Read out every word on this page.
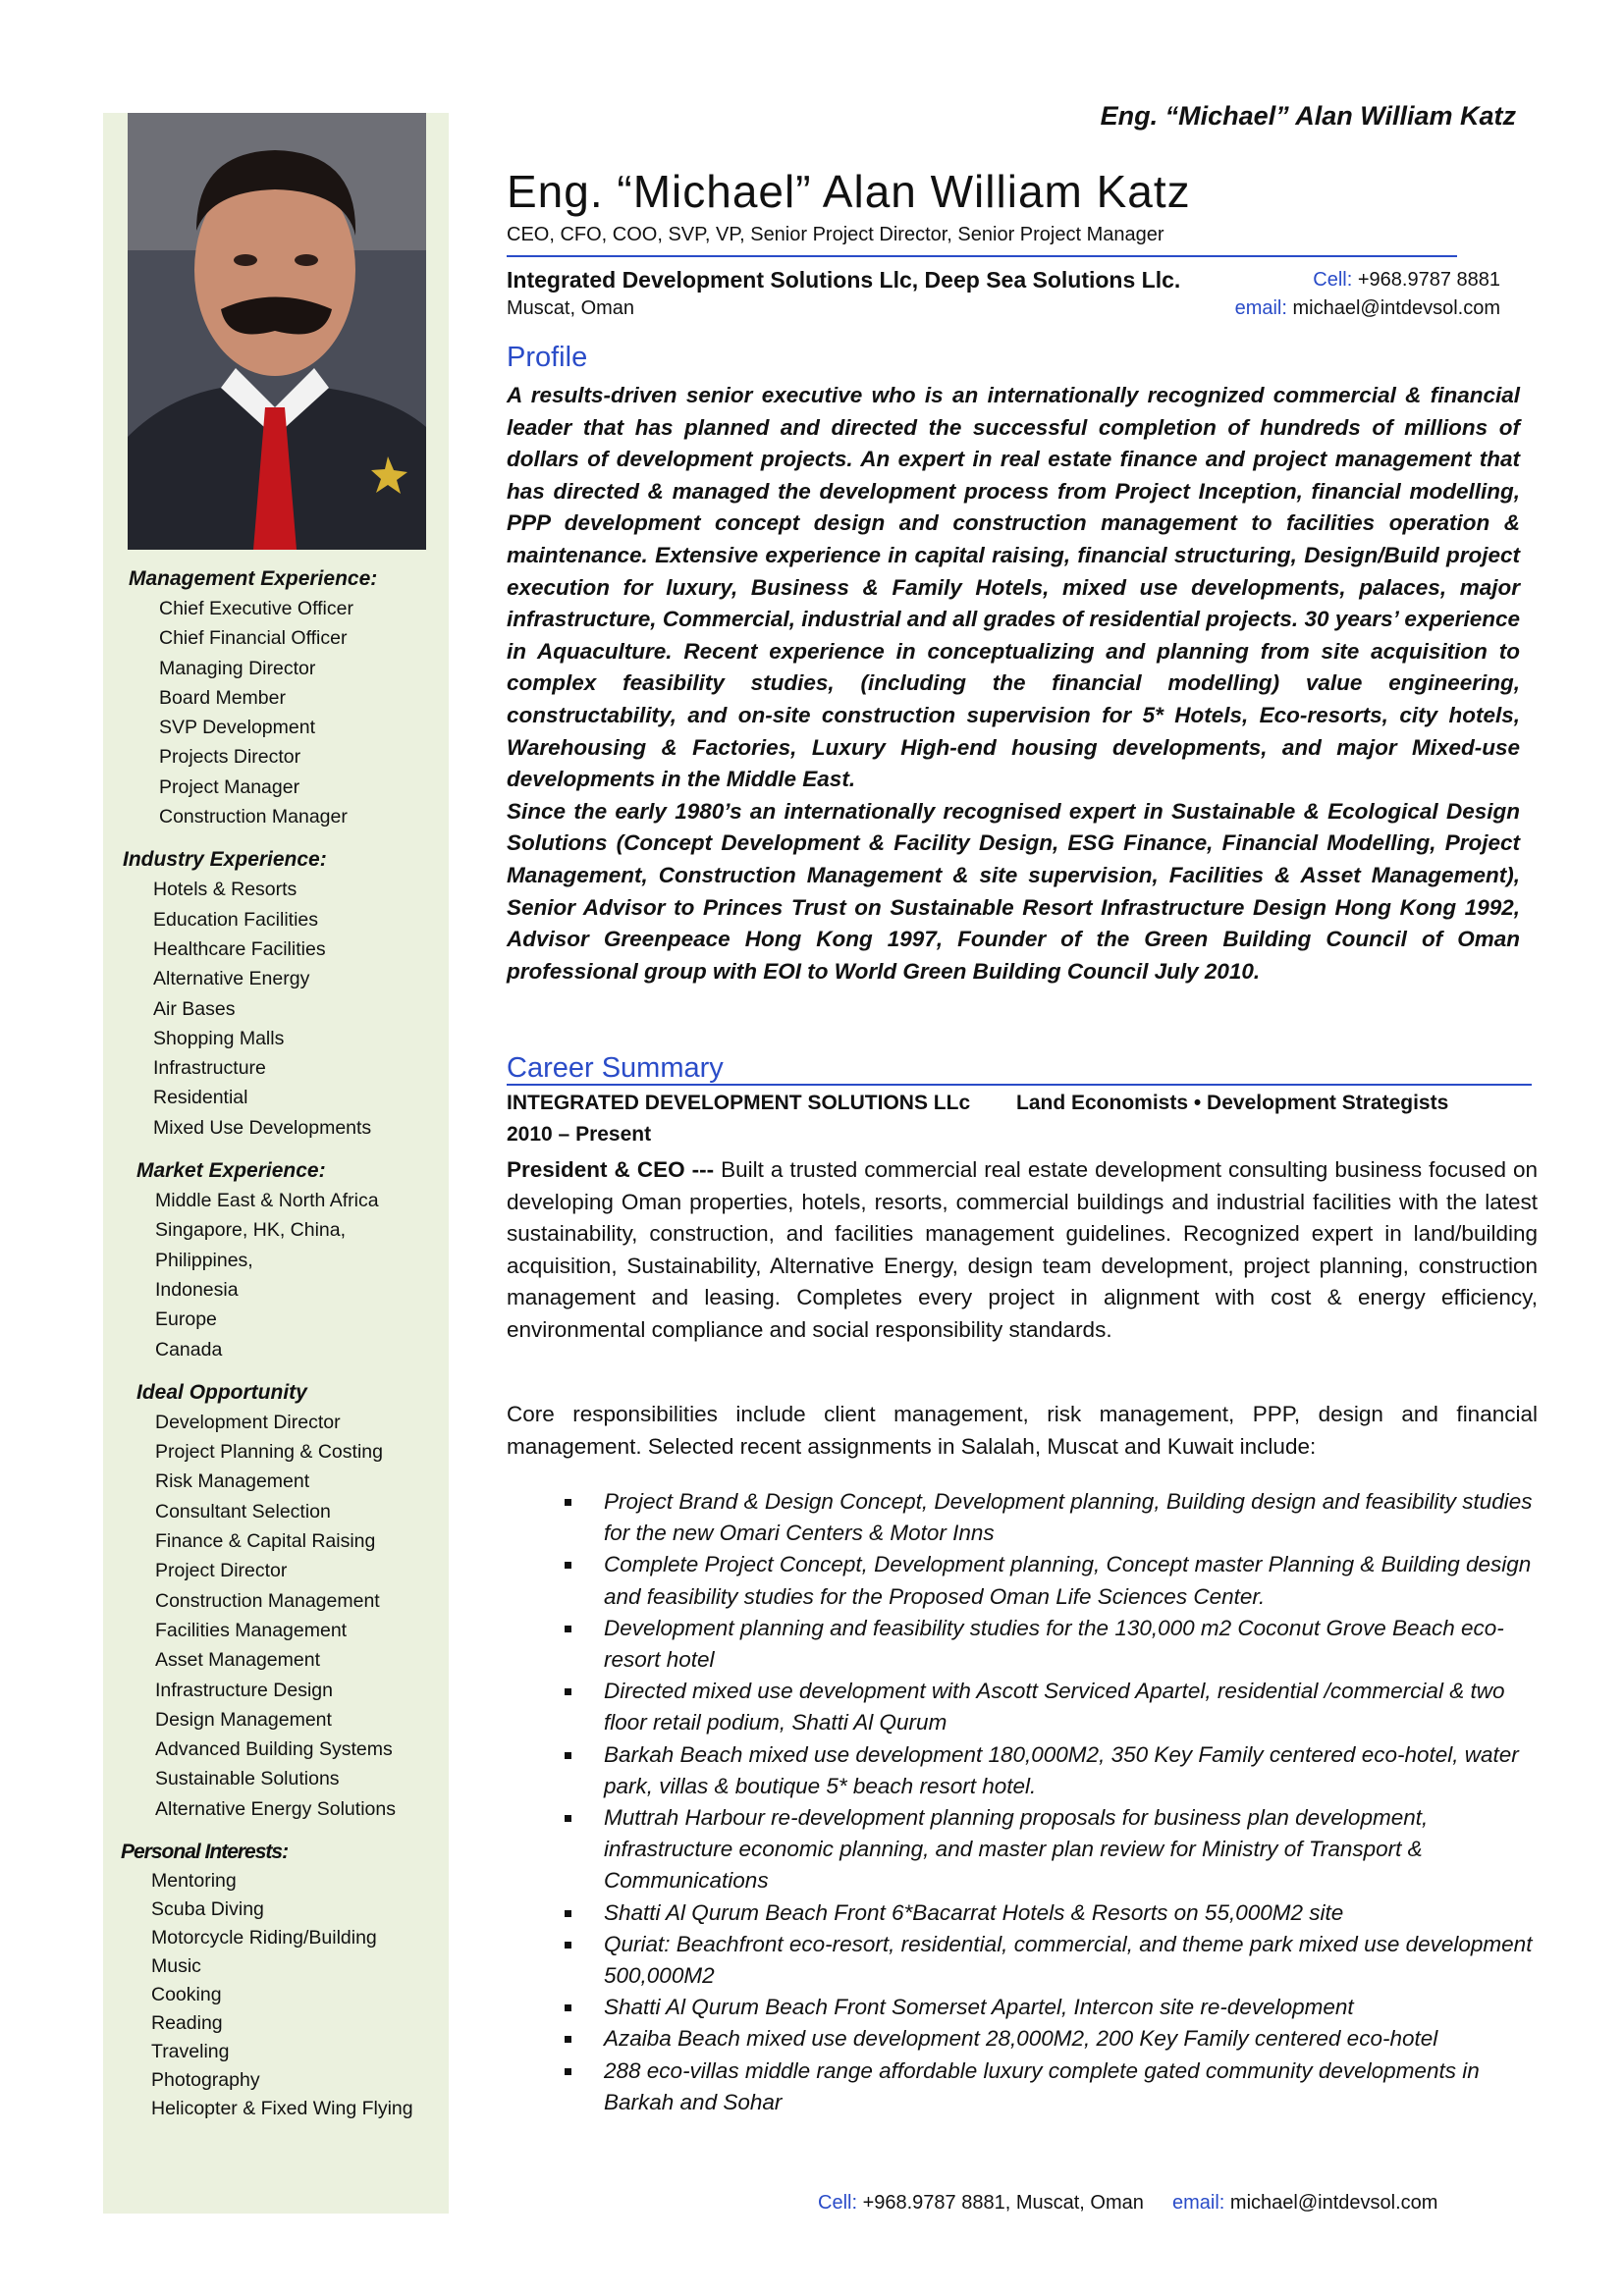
Eng. “Michael” Alan William Katz
Management Experience:
Chief Executive Officer
Chief Financial Officer
Managing Director
Board Member
SVP Development
Projects Director
Project Manager
Construction Manager
Industry Experience:
Hotels & Resorts
Education Facilities
Healthcare Facilities
Alternative Energy
Air Bases
Shopping Malls
Infrastructure
Residential
Mixed Use Developments
Market Experience:
Middle East & North Africa
Singapore, HK, China,
Philippines,
Indonesia
Europe
Canada
Ideal Opportunity
Development Director
Project Planning & Costing
Risk Management
Consultant Selection
Finance & Capital Raising
Project Director
Construction Management
Facilities Management
Asset Management
Infrastructure Design
Design Management
Advanced Building Systems
Sustainable Solutions
Alternative Energy Solutions
Personal Interests:
Mentoring
Scuba Diving
Motorcycle Riding/Building
Music
Cooking
Reading
Traveling
Photography
Helicopter & Fixed Wing Flying
Eng. “Michael” Alan William Katz
CEO, CFO, COO, SVP, VP, Senior Project Director, Senior Project Manager
Integrated Development Solutions Llc, Deep Sea Solutions Llc.	Cell: +968.9787 8881
Muscat, Oman	email: michael@intdevsol.com
Profile

A results-driven senior executive who is an internationally recognized commercial & financial leader that has planned and directed the successful completion of hundreds of millions of dollars of development projects. An expert in real estate finance and project management that has directed & managed the development process from Project Inception, financial modelling, PPP development concept design and construction management to facilities operation & maintenance. Extensive experience in capital raising, financial structuring, Design/Build project execution for luxury, Business & Family Hotels, mixed use developments, palaces, major infrastructure, Commercial, industrial and all grades of residential projects. 30 years’ experience in Aquaculture. Recent experience in conceptualizing and planning from site acquisition to complex feasibility studies, (including the financial modelling) value engineering, constructability, and on-site construction supervision for 5* Hotels, Eco-resorts, city hotels, Warehousing & Factories, Luxury High-end housing developments, and major Mixed-use developments in the Middle East.

Since the early 1980’s an internationally recognised expert in Sustainable & Ecological Design Solutions (Concept Development & Facility Design, ESG Finance, Financial Modelling, Project Management, Construction Management & site supervision, Facilities & Asset Management), Senior Advisor to Princes Trust on Sustainable Resort Infrastructure Design Hong Kong 1992, Advisor Greenpeace Hong Kong 1997, Founder of the Green Building Council of Oman professional group with EOI to World Green Building Council July 2010.

Career Summary
INTEGRATED DEVELOPMENT SOLUTIONS LLc Land Economists • Development Strategists
2010 – Present
President & CEO --- Built a trusted commercial real estate development consulting business focused on developing Oman properties, hotels, resorts, commercial buildings and industrial facilities with the latest sustainability, construction, and facilities management guidelines. Recognized expert in land/building acquisition, Sustainability, Alternative Energy, design team development, project planning, construction management and leasing. Completes every project in alignment with cost & energy efficiency, environmental compliance and social responsibility standards.
Core responsibilities include client management, risk management, PPP, design and financial management. Selected recent assignments in Salalah, Muscat and Kuwait include:
Project Brand & Design Concept, Development planning, Building design and feasibility studies for the new Omari Centers & Motor Inns
Complete Project Concept, Development planning, Concept master Planning & Building design and feasibility studies for the Proposed Oman Life Sciences Center.
Development planning and feasibility studies for the 130,000 m2 Coconut Grove Beach eco-resort hotel
Directed mixed use development with Ascott Serviced Apartel, residential /commercial & two floor retail podium, Shatti Al Qurum
Barkah Beach mixed use development 180,000M2, 350 Key Family centered eco-hotel, water park, villas & boutique 5* beach resort hotel.
Muttrah Harbour re-development planning proposals for business plan development, infrastructure economic planning, and master plan review for Ministry of Transport & Communications
Shatti Al Qurum Beach Front 6*Bacarrat Hotels & Resorts on 55,000M2 site
Quriat: Beachfront eco-resort, residential, commercial, and theme park mixed use development 500,000M2
Shatti Al Qurum Beach Front Somerset Apartel, Intercon site re-development
Azaiba Beach mixed use development 28,000M2, 200 Key Family centered eco-hotel
288 eco-villas middle range affordable luxury complete gated community developments in Barkah and Sohar
Cell: +968.9787 8881, Muscat, Oman email: michael@intdevsol.com
